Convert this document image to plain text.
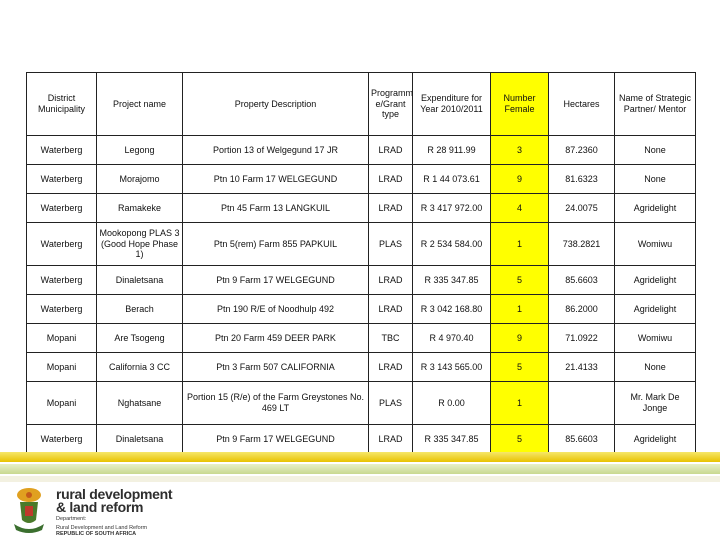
District Municipality	Project name	Property Description	Programm e/Grant type	Expenditure for Year 2010/2011	Number Female	Hectares	Name of Strategic Partner/ Mentor
Waterberg	Legong	Portion 13 of Welgegund 17 JR	LRAD	R 28 911.99	3	87.2360	None
Waterberg	Morajomo	Ptn 10 Farm 17 WELGEGUND	LRAD	R 1 44 073.61	9	81.6323	None
Waterberg	Ramakeke	Ptn 45 Farm 13 LANGKUIL	LRAD	R 3 417 972.00	4	24.0075	Agridelight
Waterberg	Mookopong PLAS 3 (Good Hope Phase 1)	Ptn 5(rem) Farm 855 PAPKUIL	PLAS	R 2 534 584.00	1	738.2821	Womiwu
Waterberg	Dinaletsana	Ptn 9 Farm 17 WELGEGUND	LRAD	R 335 347.85	5	85.6603	Agridelight
Waterberg	Berach	Ptn 190 R/E of Noodhulp 492	LRAD	R 3 042 168.80	1	86.2000	Agridelight
Mopani	Are Tsogeng	Ptn 20 Farm 459 DEER PARK	TBC	R 4 970.40	9	71.0922	Womiwu
Mopani	California 3 CC	Ptn 3 Farm 507 CALIFORNIA	LRAD	R 3 143 565.00	5	21.4133	None
Mopani	Nghatsane	Portion 15 (R/e) of the Farm Greystones No. 469 LT	PLAS	R 0.00	1		Mr. Mark De Jonge
Waterberg	Dinaletsana	Ptn 9 Farm 17 WELGEGUND	LRAD	R 335 347.85	5	85.6603	Agridelight
rural development
& land reform
Department:
Rural Development and Land Reform
REPUBLIC OF SOUTH AFRICA
